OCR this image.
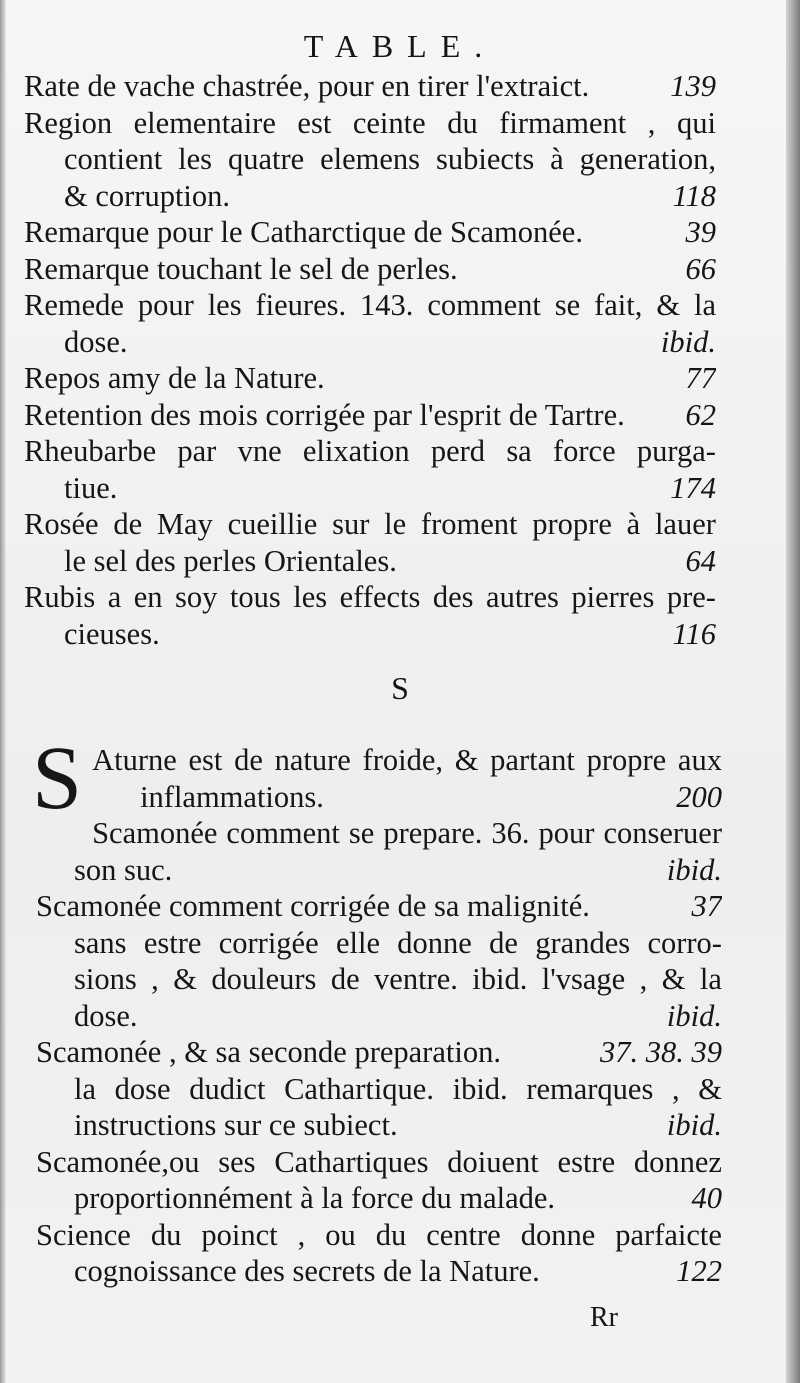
TABLE.
Rate de vache chastrée, pour en tirer l'extraict.	139
Region elementaire est ceinte du firmament , qui
contient les quatre elemens subiects à generation,
& corruption.	118
Remarque pour le Catharctique de Scamonée.	39
Remarque touchant le sel de perles.	66
Remede pour les fieures. 143. comment se fait, & la
dose.	ibid.
Repos amy de la Nature.	77
Retention des mois corrigée par l'esprit de Tartre.	62
Rheubarbe par vne elixation perd sa force purga-
tiue.	174
Rosée de May cueillie sur le froment propre à lauer
le sel des perles Orientales.	64
Rubis a en soy tous les effects des autres pierres pre-
cieuses.	116
S
S Aturne est de nature froide, & partant propre aux
inflammations.	200
Scamonée comment se prepare. 36. pour conseruer
son suc.	ibid.
Scamonée comment corrigée de sa malignité.	37
sans estre corrigée elle donne de grandes corro-
sions , & douleurs de ventre. ibid. l'vsage , & la
dose.	ibid.
Scamonée , & sa seconde preparation.	37. 38. 39
la dose dudict Cathartique. ibid. remarques , &
instructions sur ce subiect.	ibid.
Scamonée,ou ses Cathartiques doiuent estre donnez
proportionnément à la force du malade.	40
Science du poinct , ou du centre donne parfaicte
cognoissance des secrets de la Nature.	122
Rr
